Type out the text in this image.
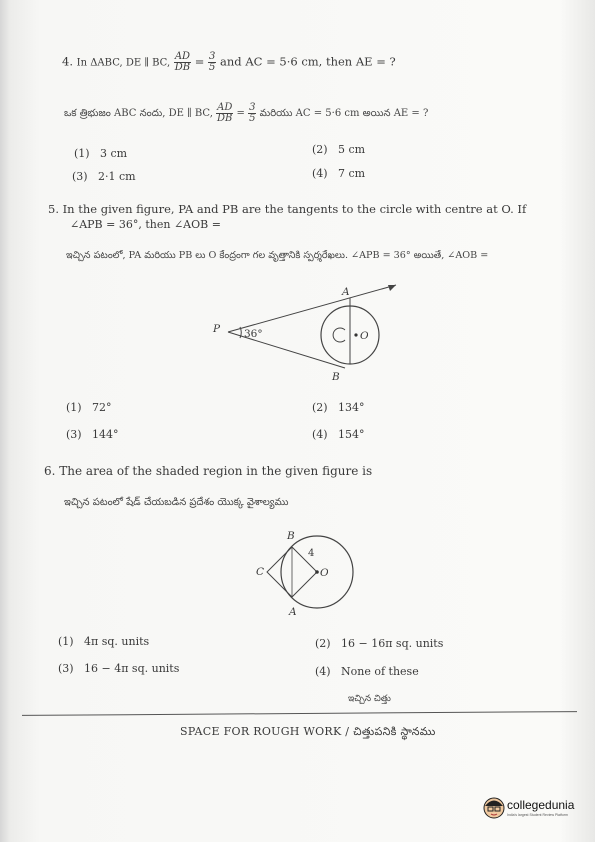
4. In ΔABC, DE ∥ BC, $\frac{AD}{DB} = \frac{3}{5}$ and AC = 5·6 cm, then AE = ?
ఒక త్రిభుజం ABC నందు, DE ∥ BC, $\frac{AD}{DB} = \frac{3}{5}$ మరియు AC = 5·6 cm అయిన AE = ?
(1) 3 cm	(2) 5 cm
(3) 2·1 cm	(4) 7 cm
5. In the given figure, PA and PB are the tangents to the circle with centre at O. If
∠APB = 36°, then ∠AOB =
ఇచ్చిన పటంలో, PA మరియు PB లు O కేంద్రంగా గల వృత్తానికి స్పర్శరేఖలు. ∠APB = 36° అయితే, ∠AOB =
P 36°
A
B
O
(1) 72°	(2) 134°
(3) 144°	(4) 154°
6. The area of the shaded region in the given figure is
ఇచ్చిన పటంలో షేడ్ చేయబడిన ప్రదేశం యొక్క వైశాల్యము
B
4
C	O
A
(1) 4π sq. units	(2) 16 − 16π sq. units
(3) 16 − 4π sq. units	(4) None of these
ఇచ్చిన చిత్తు
SPACE FOR ROUGH WORK / చిత్తుపనికి స్థానము
collegedunia
India's largest Student Review Platform
